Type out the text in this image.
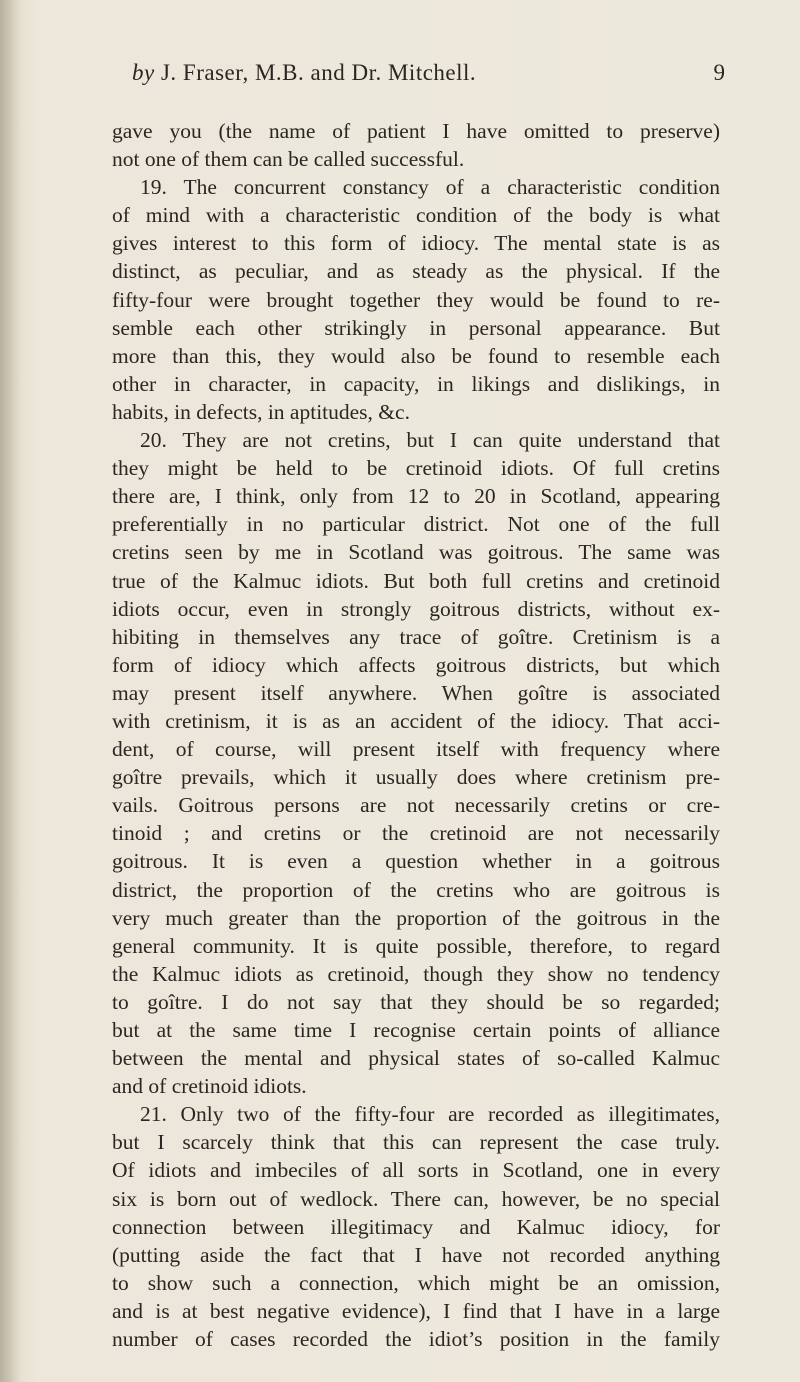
by J. Fraser, M.B. and Dr. Mitchell.	9
gave you (the name of patient I have omitted to preserve)
not one of them can be called successful.
19. The concurrent constancy of a characteristic condition
of mind with a characteristic condition of the body is what
gives interest to this form of idiocy. The mental state is as
distinct, as peculiar, and as steady as the physical. If the
fifty-four were brought together they would be found to re-
semble each other strikingly in personal appearance. But
more than this, they would also be found to resemble each
other in character, in capacity, in likings and dislikings, in
habits, in defects, in aptitudes, &c.
20. They are not cretins, but I can quite understand that
they might be held to be cretinoid idiots. Of full cretins
there are, I think, only from 12 to 20 in Scotland, appearing
preferentially in no particular district. Not one of the full
cretins seen by me in Scotland was goitrous. The same was
true of the Kalmuc idiots. But both full cretins and cretinoid
idiots occur, even in strongly goitrous districts, without ex-
hibiting in themselves any trace of goître. Cretinism is a
form of idiocy which affects goitrous districts, but which
may present itself anywhere. When goître is associated
with cretinism, it is as an accident of the idiocy. That acci-
dent, of course, will present itself with frequency where
goître prevails, which it usually does where cretinism pre-
vails. Goitrous persons are not necessarily cretins or cre-
tinoid ; and cretins or the cretinoid are not necessarily
goitrous. It is even a question whether in a goitrous
district, the proportion of the cretins who are goitrous is
very much greater than the proportion of the goitrous in the
general community. It is quite possible, therefore, to regard
the Kalmuc idiots as cretinoid, though they show no tendency
to goître. I do not say that they should be so regarded;
but at the same time I recognise certain points of alliance
between the mental and physical states of so-called Kalmuc
and of cretinoid idiots.
21. Only two of the fifty-four are recorded as illegitimates,
but I scarcely think that this can represent the case truly.
Of idiots and imbeciles of all sorts in Scotland, one in every
six is born out of wedlock. There can, however, be no special
connection between illegitimacy and Kalmuc idiocy, for
(putting aside the fact that I have not recorded anything
to show such a connection, which might be an omission,
and is at best negative evidence), I find that I have in a large
number of cases recorded the idiot’s position in the family
